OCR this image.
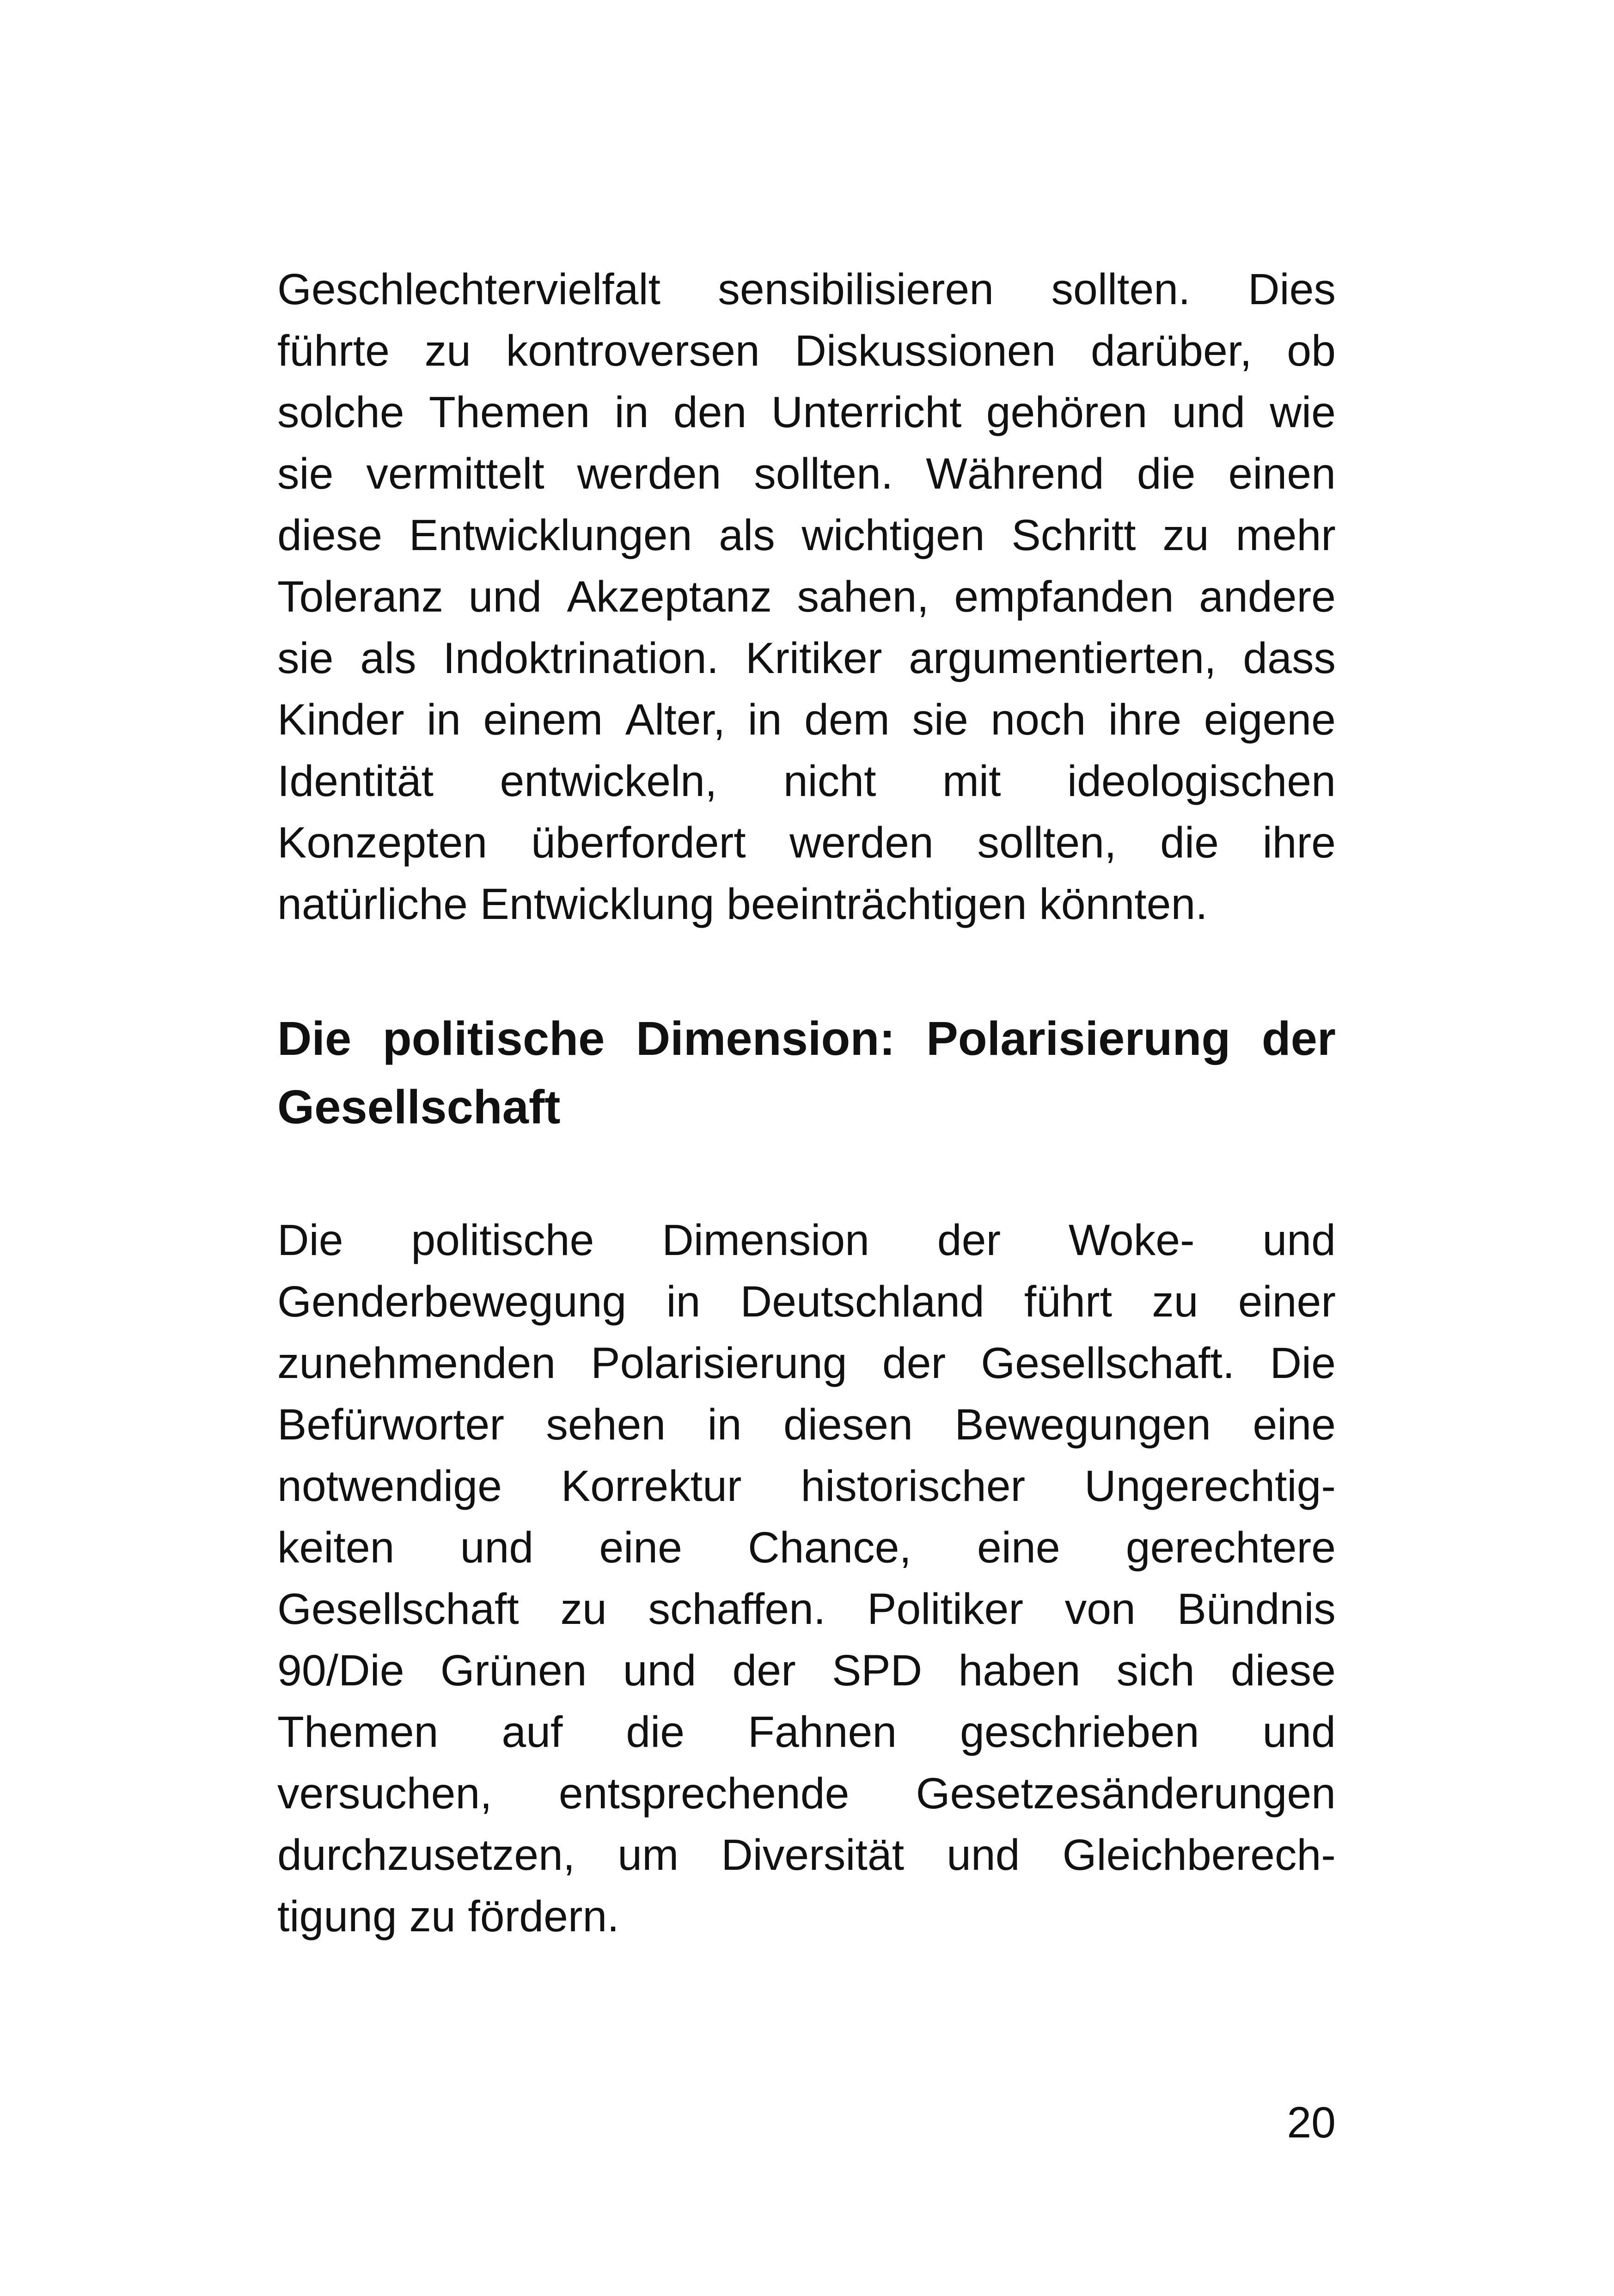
Geschlechtervielfalt sensibilisieren sollten. Dies
führte zu kontroversen Diskussionen darüber, ob
solche Themen in den Unterricht gehören und wie
sie vermittelt werden sollten. Während die einen
diese Entwicklungen als wichtigen Schritt zu mehr
Toleranz und Akzeptanz sahen, empfanden andere
sie als Indoktrination. Kritiker argumentierten, dass
Kinder in einem Alter, in dem sie noch ihre eigene
Identität entwickeln, nicht mit ideologischen
Konzepten überfordert werden sollten, die ihre
natürliche Entwicklung beeinträchtigen könnten.
Die politische Dimension: Polarisierung der
Gesellschaft
Die politische Dimension der Woke- und
Genderbewegung in Deutschland führt zu einer
zunehmenden Polarisierung der Gesellschaft. Die
Befürworter sehen in diesen Bewegungen eine
notwendige Korrektur historischer Ungerechtig-
keiten und eine Chance, eine gerechtere
Gesellschaft zu schaffen. Politiker von Bündnis
90/Die Grünen und der SPD haben sich diese
Themen auf die Fahnen geschrieben und
versuchen, entsprechende Gesetzesänderungen
durchzusetzen, um Diversität und Gleichberech-
tigung zu fördern.
20
